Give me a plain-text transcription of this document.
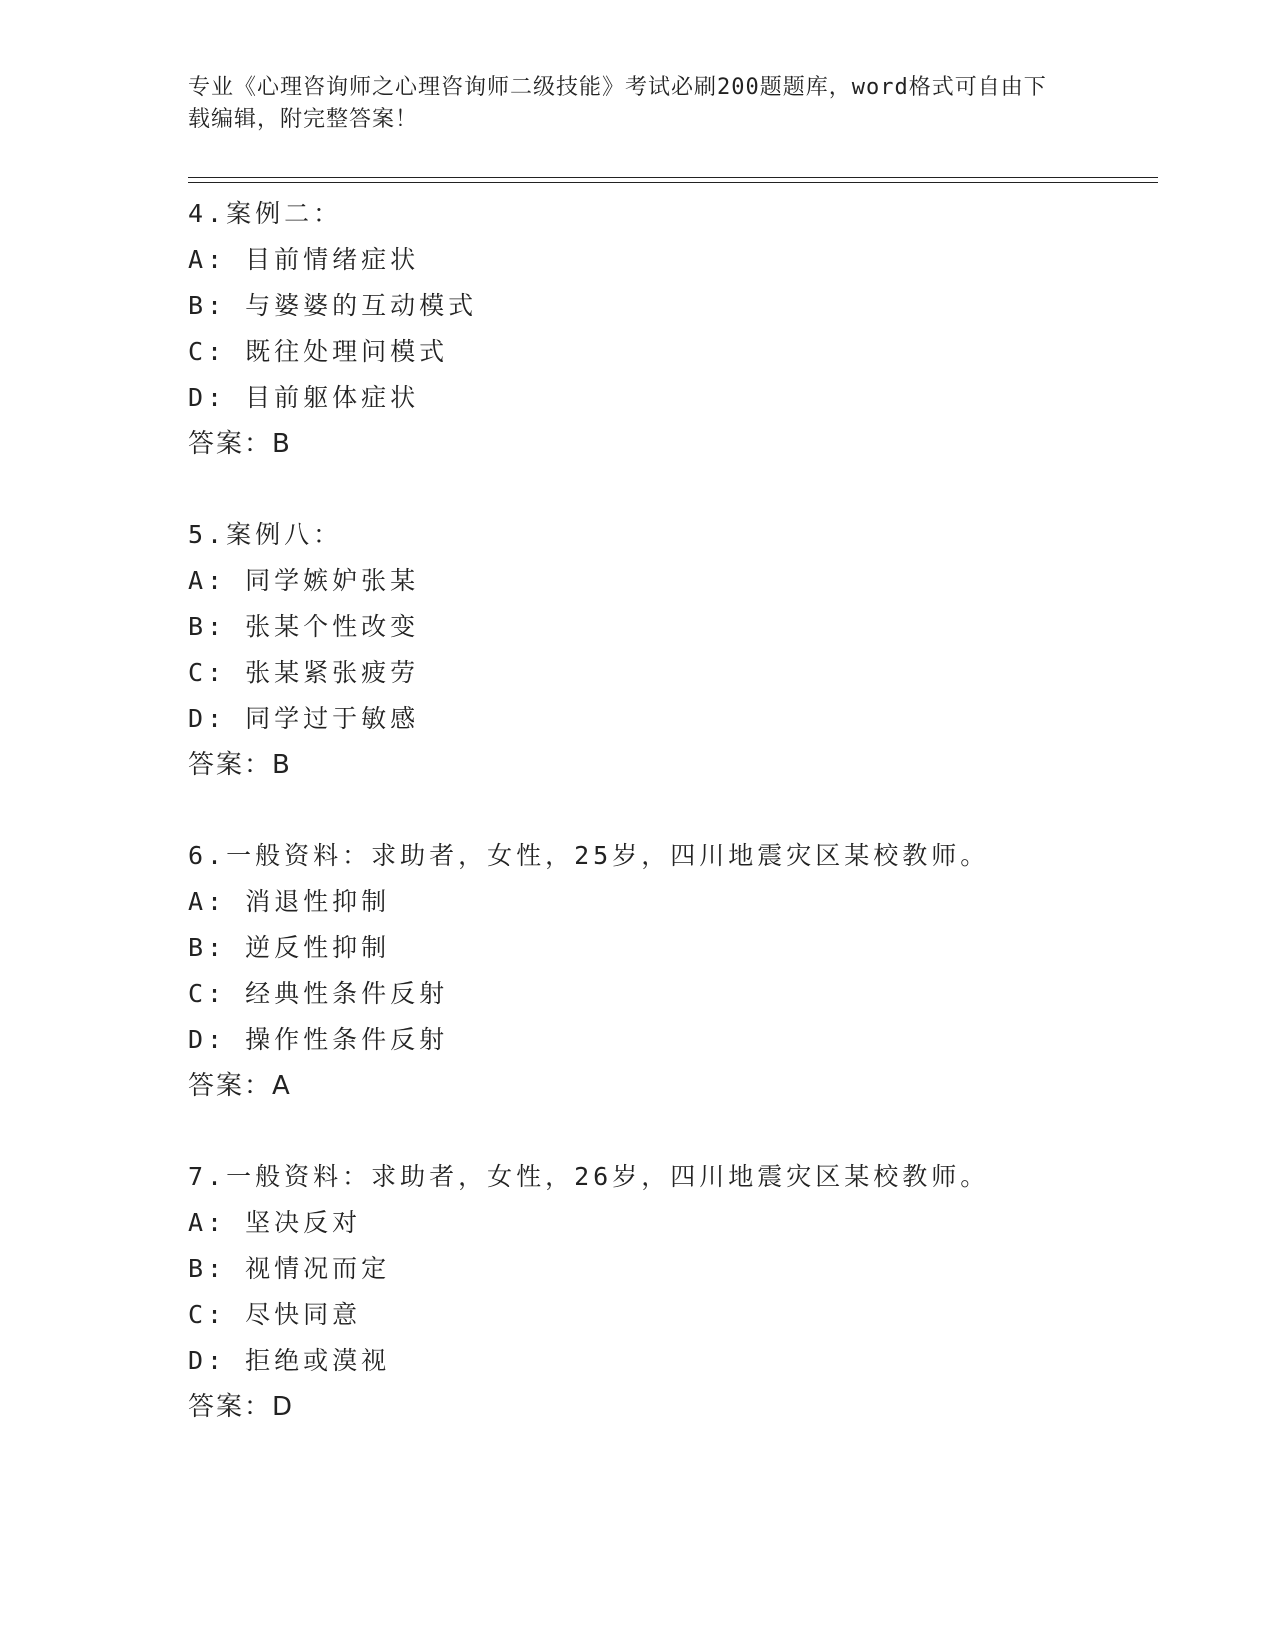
专业《心理咨询师之心理咨询师二级技能》考试必刷200题题库，word格式可自由下载编辑，附完整答案！
4.案例二：
A: 目前情绪症状
B: 与婆婆的互动模式
C: 既往处理问模式
D: 目前躯体症状
答案：B
5.案例八：
A: 同学嫉妒张某
B: 张某个性改变
C: 张某紧张疲劳
D: 同学过于敏感
答案：B
6.一般资料：求助者，女性，25岁，四川地震灾区某校教师。
A: 消退性抑制
B: 逆反性抑制
C: 经典性条件反射
D: 操作性条件反射
答案：A
7.一般资料：求助者，女性，26岁，四川地震灾区某校教师。
A: 坚决反对
B: 视情况而定
C: 尽快同意
D: 拒绝或漠视
答案：D
